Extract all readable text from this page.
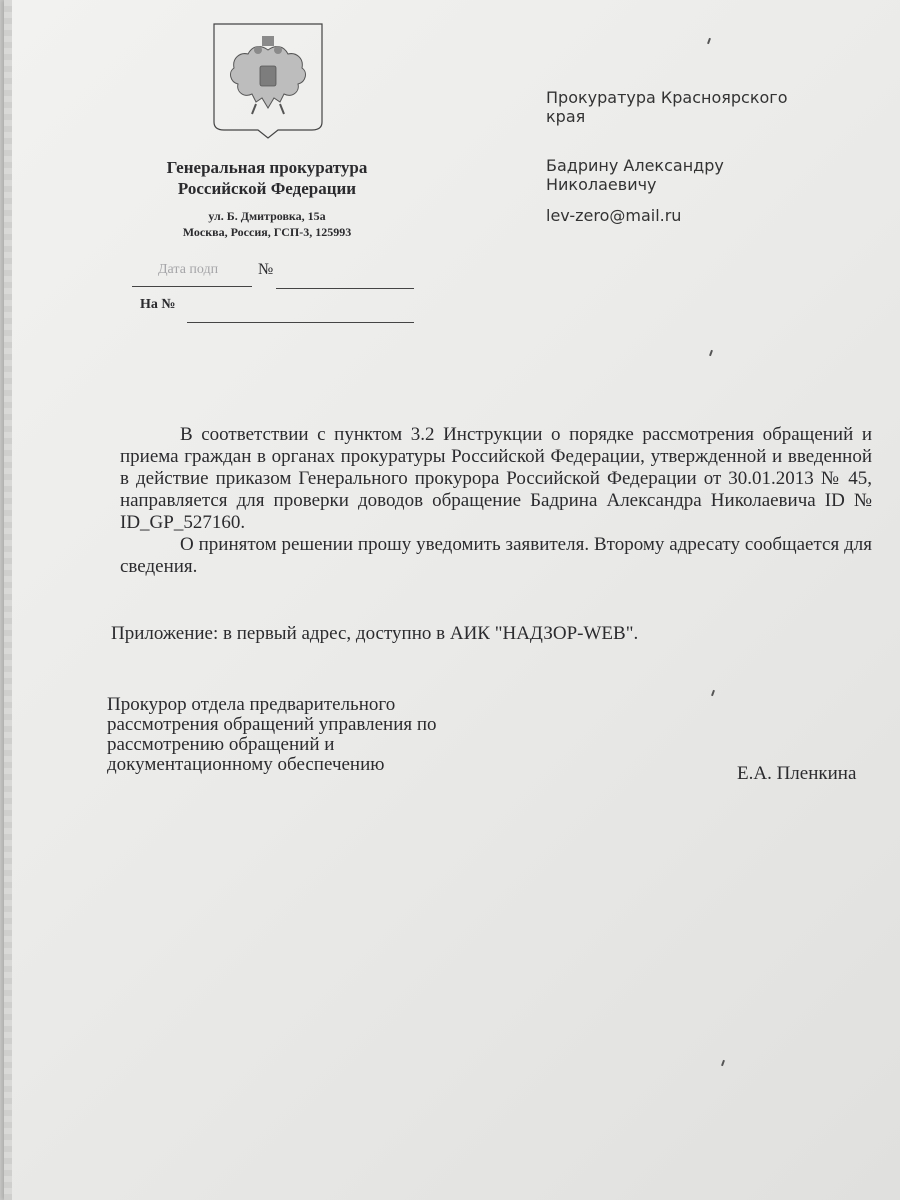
Генеральная прокуратура
Российской Федерации
ул. Б. Дмитровка, 15а
Москва, Россия, ГСП-3, 125993
Дата подп №
На №
Прокуратура Красноярского
края
Бадрину Александру
Николаевичу
lev-zero@mail.ru

В соответствии с пунктом 3.2 Инструкции о порядке рассмотрения обращений и приема граждан в органах прокуратуры Российской Федерации, утвержденной и введенной в действие приказом Генерального прокурора Российской Федерации от 30.01.2013 № 45, направляется для проверки доводов обращение Бадрина Александра Николаевича ID № ID_GP_527160.

О принятом решении прошу уведомить заявителя. Второму адресату сообщается для сведения.

Приложение: в первый адрес, доступно в АИК "НАДЗОР-WEB".
Прокурор отдела предварительного
рассмотрения обращений управления по
рассмотрению обращений и
документационному обеспечению	Е.А. Пленкина
